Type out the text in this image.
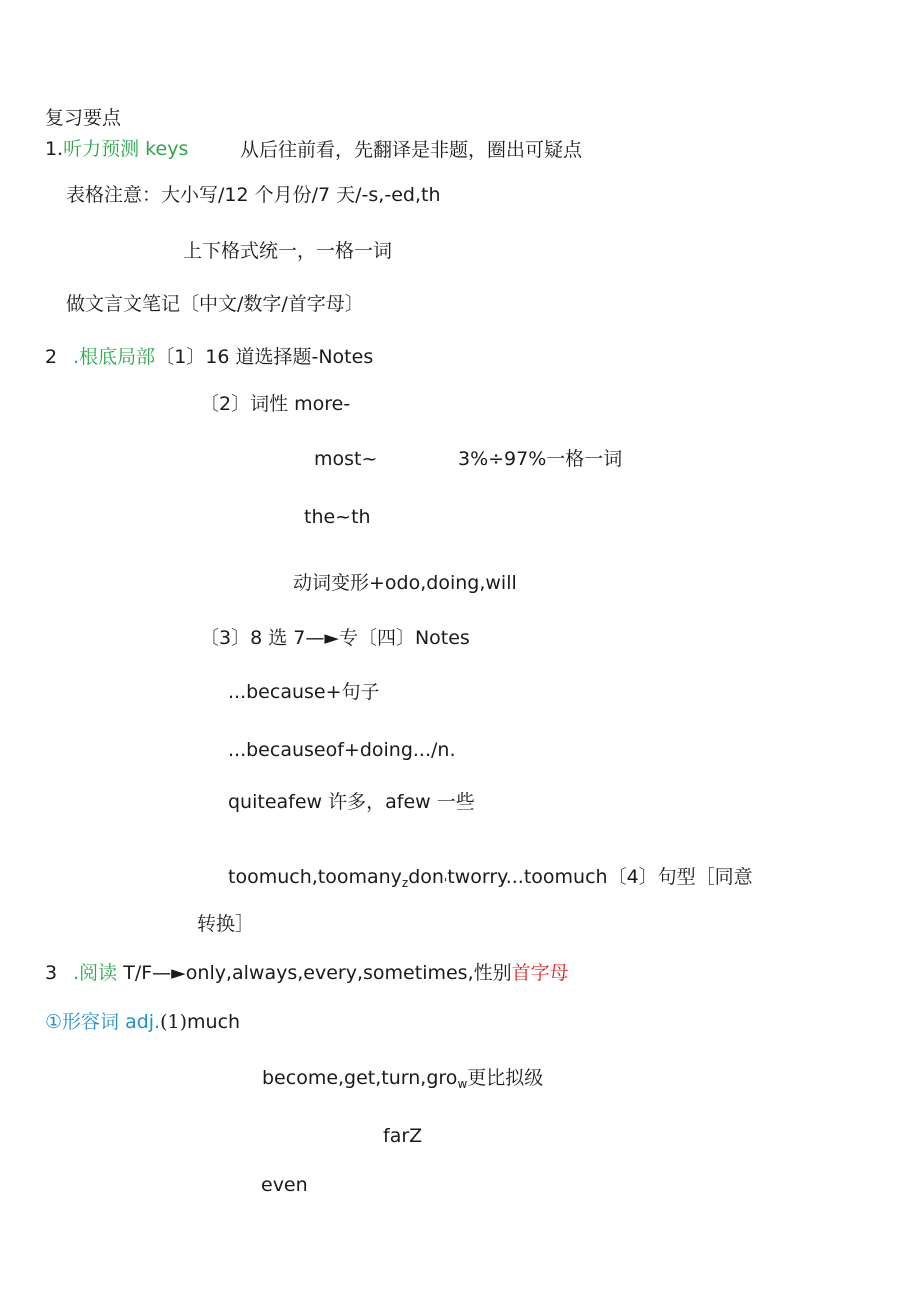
复习要点
1.听力预测 keys	从后往前看，先翻译是非题，圈出可疑点
表格注意：大小写/12 个月份/7 天/-s,-ed,th
上下格式统一，一格一词
做文言文笔记〔中文/数字/首字母〕
2 .根底局部〔1〕16 道选择题-Notes
〔2〕词性 more-
most~	3%÷97%一格一词
the~th
动词变形+odo,doing,will
〔3〕8 选 7—►专〔四〕Notes
...because+句子
...becauseof+doing.../n.
quiteafew 许多，afew 一些
toomuch,toomany$_z$don$'$tworry...toomuch〔4〕句型［同意
转换］
3 .阅读 T/F—►only,always,every,sometimes,性别首字母
①形容词 adj.(1)much
become,get,turn,gro$_w$更比拟级
farZ
even
